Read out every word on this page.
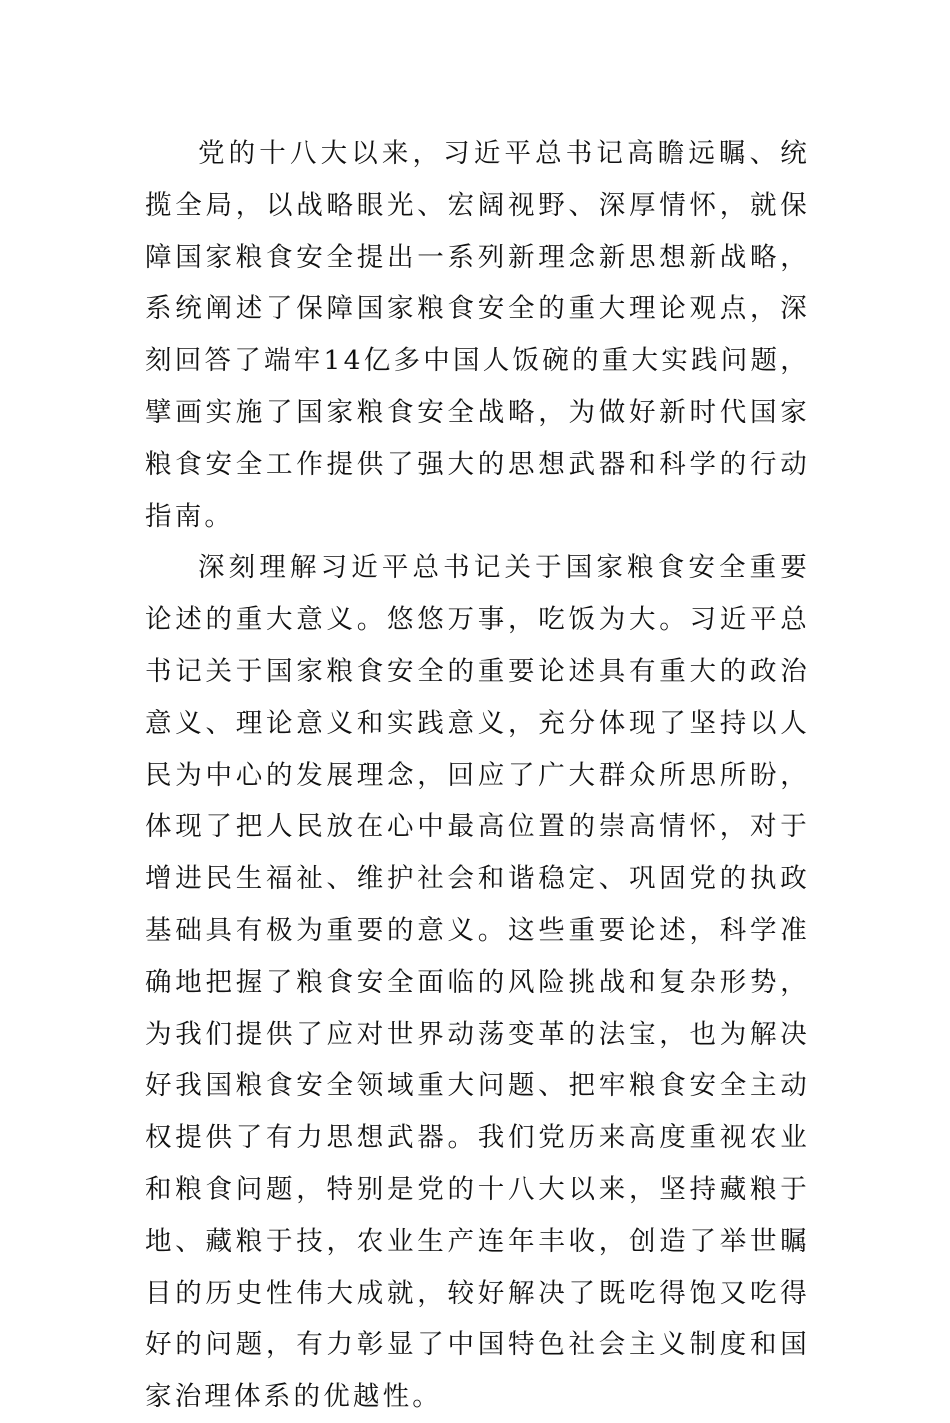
党的十八大以来，习近平总书记高瞻远瞩、统揽全局，以战略眼光、宏阔视野、深厚情怀，就保障国家粮食安全提出一系列新理念新思想新战略，系统阐述了保障国家粮食安全的重大理论观点，深刻回答了端牢14亿多中国人饭碗的重大实践问题，擘画实施了国家粮食安全战略，为做好新时代国家粮食安全工作提供了强大的思想武器和科学的行动指南。

深刻理解习近平总书记关于国家粮食安全重要论述的重大意义。悠悠万事，吃饭为大。习近平总书记关于国家粮食安全的重要论述具有重大的政治意义、理论意义和实践意义，充分体现了坚持以人民为中心的发展理念，回应了广大群众所思所盼，体现了把人民放在心中最高位置的崇高情怀，对于增进民生福祉、维护社会和谐稳定、巩固党的执政基础具有极为重要的意义。这些重要论述，科学准确地把握了粮食安全面临的风险挑战和复杂形势，为我们提供了应对世界动荡变革的法宝，也为解决好我国粮食安全领域重大问题、把牢粮食安全主动权提供了有力思想武器。我们党历来高度重视农业和粮食问题，特别是党的十八大以来，坚持藏粮于地、藏粮于技，农业生产连年丰收，创造了举世瞩目的历史性伟大成就，较好解决了既吃得饱又吃得好的问题，有力彰显了中国特色社会主义制度和国家治理体系的优越性。
